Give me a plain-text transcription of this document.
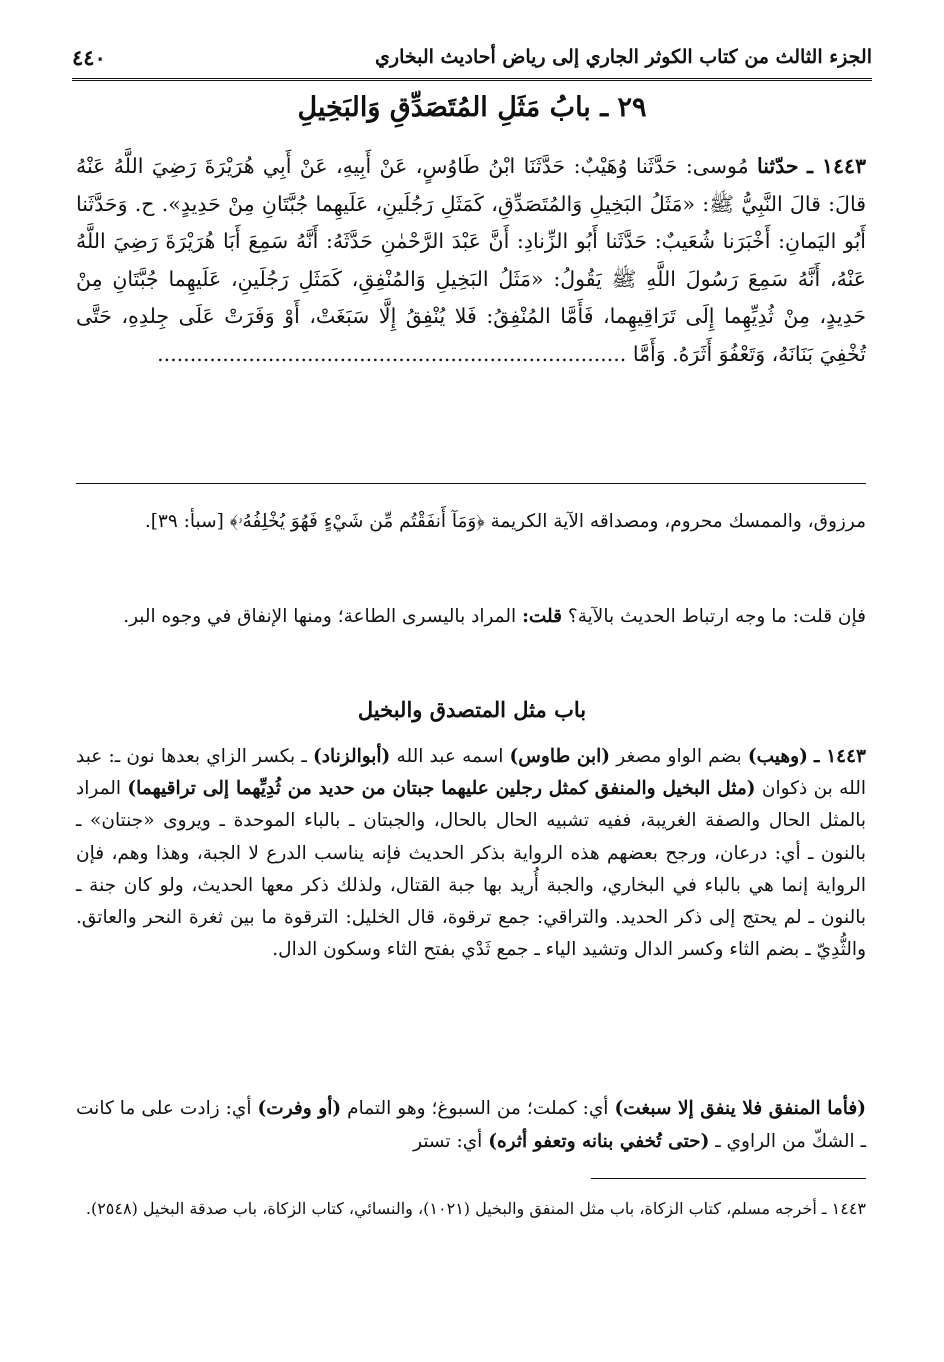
الجزء الثالث من كتاب الكوثر الجاري إلى رياض أحاديث البخاري
٤٤٠
٢٩ ـ بابُ مَثَلِ المُتَصَدِّقِ وَالبَخِيلِ
١٤٤٣ ـ حدّثنا مُوسى: حَدَّثَنا وُهَيْبٌ: حَدَّثَنَا ابْنُ طَاوُسٍ، عَنْ أَبِيهِ، عَنْ أَبِي هُرَيْرَةَ رَضِيَ اللَّهُ عَنْهُ قالَ: قالَ النَّبِيُّ ﷺ: «مَثَلُ البَخِيلِ وَالمُتَصَدِّقِ، كَمَثَلِ رَجُلَينِ، عَلَيهِما جُبَّتَانِ مِنْ حَدِيدٍ». ح. وَحَدَّثَنا أَبُو اليَمانِ: أَخْبَرَنا شُعَيبٌ: حَدَّثَنا أَبُو الزِّنادِ: أَنَّ عَبْدَ الرَّحْمٰنِ حَدَّثَهُ: أَنَّهُ سَمِعَ أَبَا هُرَيْرَةَ رَضِيَ اللَّهُ عَنْهُ، أَنَّهُ سَمِعَ رَسُولَ اللَّهِ ﷺ يَقُولُ: «مَثَلُ البَخِيلِ وَالمُنْفِقِ، كَمَثَلِ رَجُلَينِ، عَلَيهِما جُبَّتَانِ مِنْ حَدِيدٍ، مِنْ ثُدِيِّهِما إِلَى تَرَاقِيهِما، فَأَمَّا المُنْفِقُ: فَلا يُنْفِقُ إِلَّا سَبَغَتْ، أَوْ وَفَرَتْ عَلَى جِلدِهِ، حَتَّى تُخْفِيَ بَنَانَهُ، وَتَعْفُوَ أَثَرَهُ. وَأَمَّا ........................................................................
مرزوق، والممسك محروم، ومصداقه الآية الكريمة ﴿وَمَآ أَنفَقْتُم مِّن شَيْءٍ فَهُوَ يُخْلِفُهُۥ﴾ [سبأ: ٣٩].
فإن قلت: ما وجه ارتباط الحديث بالآية؟ قلت: المراد باليسرى الطاعة؛ ومنها الإنفاق في وجوه البر.
باب مثل المتصدق والبخيل
١٤٤٣ ـ (وهيب) بضم الواو مصغر (ابن طاوس) اسمه عبد الله (أبوالزناد) ـ بكسر الزاي بعدها نون ـ: عبد الله بن ذكوان (مثل البخيل والمنفق كمثل رجلين عليهما جبتان من حديد من ثُدِيِّهما إلى تراقيهما) المراد بالمثل الحال والصفة الغريبة، ففيه تشبيه الحال بالحال، والجبتان ـ بالباء الموحدة ـ ويروى «جنتان» ـ بالنون ـ أي: درعان، ورجح بعضهم هذه الرواية بذكر الحديث فإنه يناسب الدرع لا الجبة، وهذا وهم، فإن الرواية إنما هي بالباء في البخاري، والجبة أُريد بها جبة القتال، ولذلك ذكر معها الحديث، ولو كان جنة ـ بالنون ـ لم يحتج إلى ذكر الحديد. والتراقي: جمع ترقوة، قال الخليل: الترقوة ما بين ثغرة النحر والعاتق. والثُّدِيّ ـ بضم الثاء وكسر الدال وتشيد الياء ـ جمع ثَدْي بفتح الثاء وسكون الدال.
(فأما المنفق فلا ينفق إلا سبغت) أي: كملت؛ من السبوغ؛ وهو التمام (أو وفرت) أي: زادت على ما كانت ـ الشكّ من الراوي ـ (حتى تُخفي بنانه وتعفو أثره) أي: تستر
١٤٤٣ ـ أخرجه مسلم، كتاب الزكاة، باب مثل المنفق والبخيل (١٠٢١)، والنسائي، كتاب الزكاة، باب صدقة البخيل (٢٥٤٨).
